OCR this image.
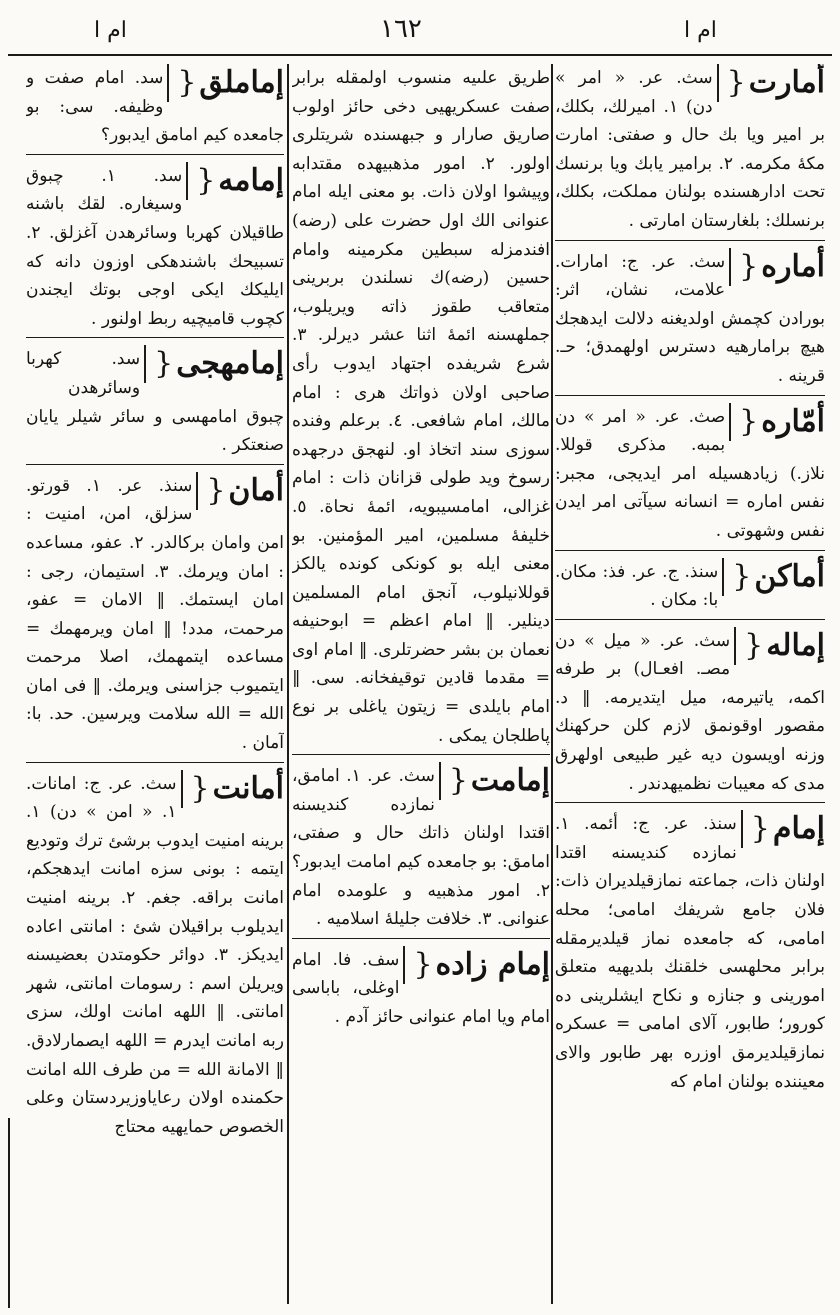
ام ا	١٦٢	ام ا
أمارت {
سث. عر. « امر » دن) ١. اميرلك، بكلك، بر امير ويا بك حال و صفتى: امارت مكهٔ مكرمه. ٢. برامير يابك ويا برنسك تحت ادارهسنده بولنان مملكت، بكلك، برنسلك: بلغارستان امارتى .
أماره {
سث. عر. ج: امارات. علامت، نشان، اثر: بورادن كچمش اولديغنه دلالت ايدهجك هيچ برامارهيه دسترس اولهمدق؛ حـ. قرينه .
أمّاره {
صث. عر. « امر » دن بمبه. مذكرى قوللا. نلاز.) زيادهسيله امر ايديجى، مجبر: نفس اماره = انسانه سيآتى امر ايدن نفس وشهوتى .
أماكن {
سنذ. ج. عر. فذ: مكان. با: مكان .
إماله {
سث. عر. « ميل » دن مصـ. افعـال) بر طرفه اكمه، ياتيرمه، ميل ايتديرمه. ‖ د. مقصور اوقونمق لازم كلن حركهنك وزنه اويسون ديه غير طبيعى اولهرق مدى كه معيبات نظميهدندر .
إمام {
سنذ. عر. ج: أئمه. ١. نمازده كنديسنه اقتدا اولنان ذات، جماعته نمازقيلديران ذات: فلان جامع شريفك امامى؛ محله امامى، كه جامعده نماز قيلديرمقله برابر محلهسى خلقنك بلديهيه متعلق امورينى و جنازه و نكاح ايشلرينى ده كورور؛ طابور، آلاى امامى = عسكره نمازقيلديرمق اوزره بهر طابور والاى معيننده بولنان امام كه
طريق علىيه منسوب اولمقله برابر صفت عسكريهيى دخى حائز اولوب صاريق صارار و جبهسنده شريتلرى اولور. ٢. امور مذهبيهده مقتدابه وپيشوا اولان ذات. بو معنى ايله امام عنوانى الك اول حضرت على (رضه) افندمزله سبطين مكرمينه وامام حسين (رضه)ك نسلندن بربرينى متعاقب طقوز ذاته ويريلوب، جملهسنه ائمهٔ اثنا عشر ديرلر. ٣. شرع شريفده اجتهاد ايدوب رأى صاحبى اولان ذواتك هرى : امام مالك، امام شافعى. ٤. برعلم وفنده سوزى سند اتخاذ او. لنهجق درجهده رسوخ ويد طولى قزانان ذات : امام غزالى، امامسيبويه، ائمهٔ نحاة. ٥. خليفهٔ مسلمين، امير المؤمنين. بو معنى ايله بو كونكى كونده يالكز قوللانيلوب، آنجق امام المسلمين دينلير. ‖ امام اعظم = ابوحنيفه نعمان بن بشر حضرتلرى. ‖ امام اوى = مقدما قادين توقيفخانه. سى. ‖ امام بايلدى = زيتون ياغلى بر نوع پاطلجان يمكى .
إمامت {
سث. عر. ١. امامق، نمازده كنديسنه اقتدا اولنان ذاتك حال و صفتى، امامق: بو جامعده كيم امامت ايدبور؟ ٢. امور مذهبيه و علومده امام عنوانى. ٣. خلافت جليلهٔ اسلاميه .
إمام زاده {
سف. فا. امام اوغلى، باباسى امام ويا امام عنوانى حائز آدم .
إماملق {
سد. امام صفت و وظيفه. سى: بو جامعده كيم امامق ايدبور؟
إمامه {
سد. ١. چبوق وسيغاره. لقك باشنه طاقيلان كهربا وسائرهدن آغزلق. ٢. تسبيحك باشندهكى اوزون دانه كه ايليكك ايكى اوجى بوتك ايجندن كچوب قاميچيه ربط اولنور .
إمامهجى {
سد. كهربا وسائرهدن چبوق امامهسى و سائر شيلر يايان صنعتكر .
أمان {
سنذ. عر. ١. قورتو. سزلق، امن، امنيت : امن وامان بركالدر. ٢. عفو، مساعده : امان ويرمك. ٣. استيمان، رجى : امان ايستمك. ‖ الامان = عفو، مرحمت، مدد! ‖ امان ويرمهمك = مساعده ايتمهمك، اصلا مرحمت ايتميوب جزاسنى ويرمك. ‖ فى امان الله = الله سلامت ويرسين. حد. با: آمان .
أمانت {
سث. عر. ج: امانات. ١. « امن » دن) ١. برينه امنيت ايدوب برشئ ترك وتوديع ايتمه : بونى سزه امانت ايدهجكم، امانت براقه. جغم. ٢. برينه امنيت ايديلوب براقيلان شئ : امانتى اعاده ايديكز. ٣. دوائر حكومتدن بعضيسنه ويريلن اسم : رسومات امانتى، شهر امانتى. ‖ اللهه امانت اولك، سزى ربه امانت ايدرم = اللهه ايصمارلادق. ‖ الامانة الله = من طرف الله امانت حكمنده اولان رعاياوزيردستان وعلى الخصوص حمايهيه محتاج
